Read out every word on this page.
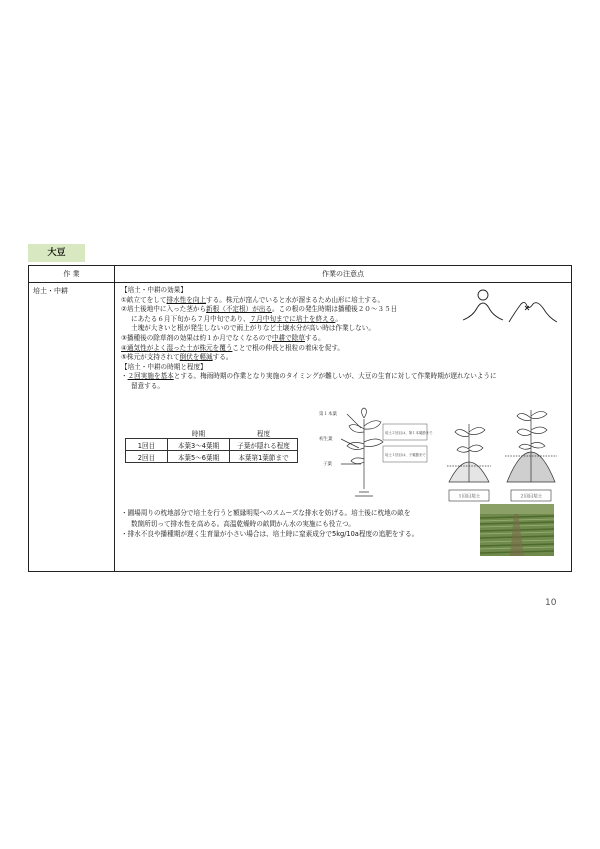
大豆
作 業	作業の注意点
培土・中耕	【培土・中耕の効果】
①畝立てをして排水性を向上する。株元が窪んでいると水が溜まるため山形に培土する。
②培土後地中に入った茎から新根（不定根）が出る。この根の発生時期は播種後２０～３５日
にあたる６月下旬から７月中旬であり、７月中旬までに培土を終える。
土塊が大きいと根が発生しないので雨上がりなど土壌水分が高い時は作業しない。
③播種後の除草剤の効果は約１か月でなくなるので中耕で除草する。
④通気性がよく湿った土が株元を覆うことで根の伸長と根粒の着床を促す。
⑤株元が支持されて倒伏を軽減する。
【培土・中耕の時期と程度】
・２回実施を基本とする。梅雨時期の作業となり実施のタイミングが難しいが、大豆の生育に対して作業時期が遅れないように
留意する。
	時期	程度
1回目	本葉3～4葉期	子葉が隠れる程度
2回目	本葉5～6葉期	本葉第1葉節まで
第１本葉
初生葉
子葉
培土２回目は、第１本葉節まで
培土１回目は、子葉節まで
１回目培土	２回目培土
・圃場周りの枕地部分で培土を行うと額縁明渠へのスムーズな排水を妨げる。培土後に枕地の畝を
数箇所切って排水性を高める。高温乾燥時の畝間かん水の実施にも役立つ。
・排水不良や播種期が遅く生育量が小さい場合は、培土時に窒素成分で5kg/10a程度の追肥をする。
10
